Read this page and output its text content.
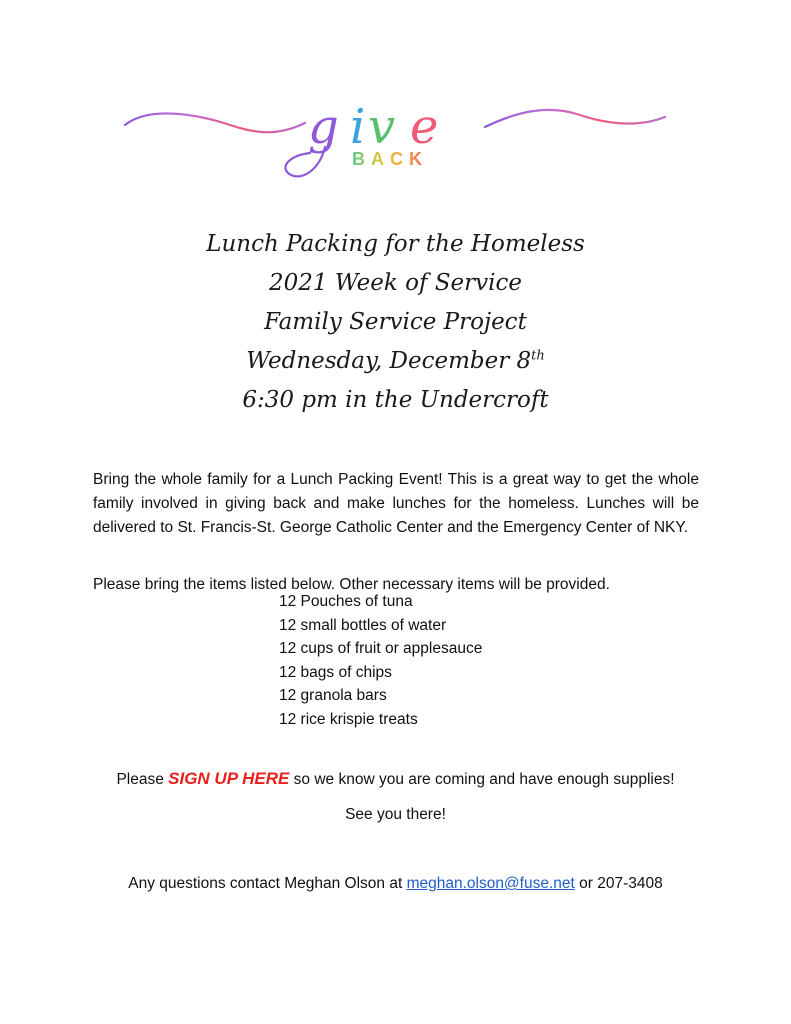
g i v e
BACK
Lunch Packing for the Homeless
2021 Week of Service
Family Service Project
Wednesday, December 8th
6:30 pm in the Undercroft

Bring the whole family for a Lunch Packing Event! This is a great way to get the whole family involved in giving back and make lunches for the homeless. Lunches will be delivered to St. Francis-St. George Catholic Center and the Emergency Center of NKY.

Please bring the items listed below. Other necessary items will be provided.

12 Pouches of tuna
12 small bottles of water
12 cups of fruit or applesauce
12 bags of chips
12 granola bars
12 rice krispie treats
Please SIGN UP HERE so we know you are coming and have enough supplies!
See you there!
Any questions contact Meghan Olson at meghan.olson@fuse.net or 207-3408
